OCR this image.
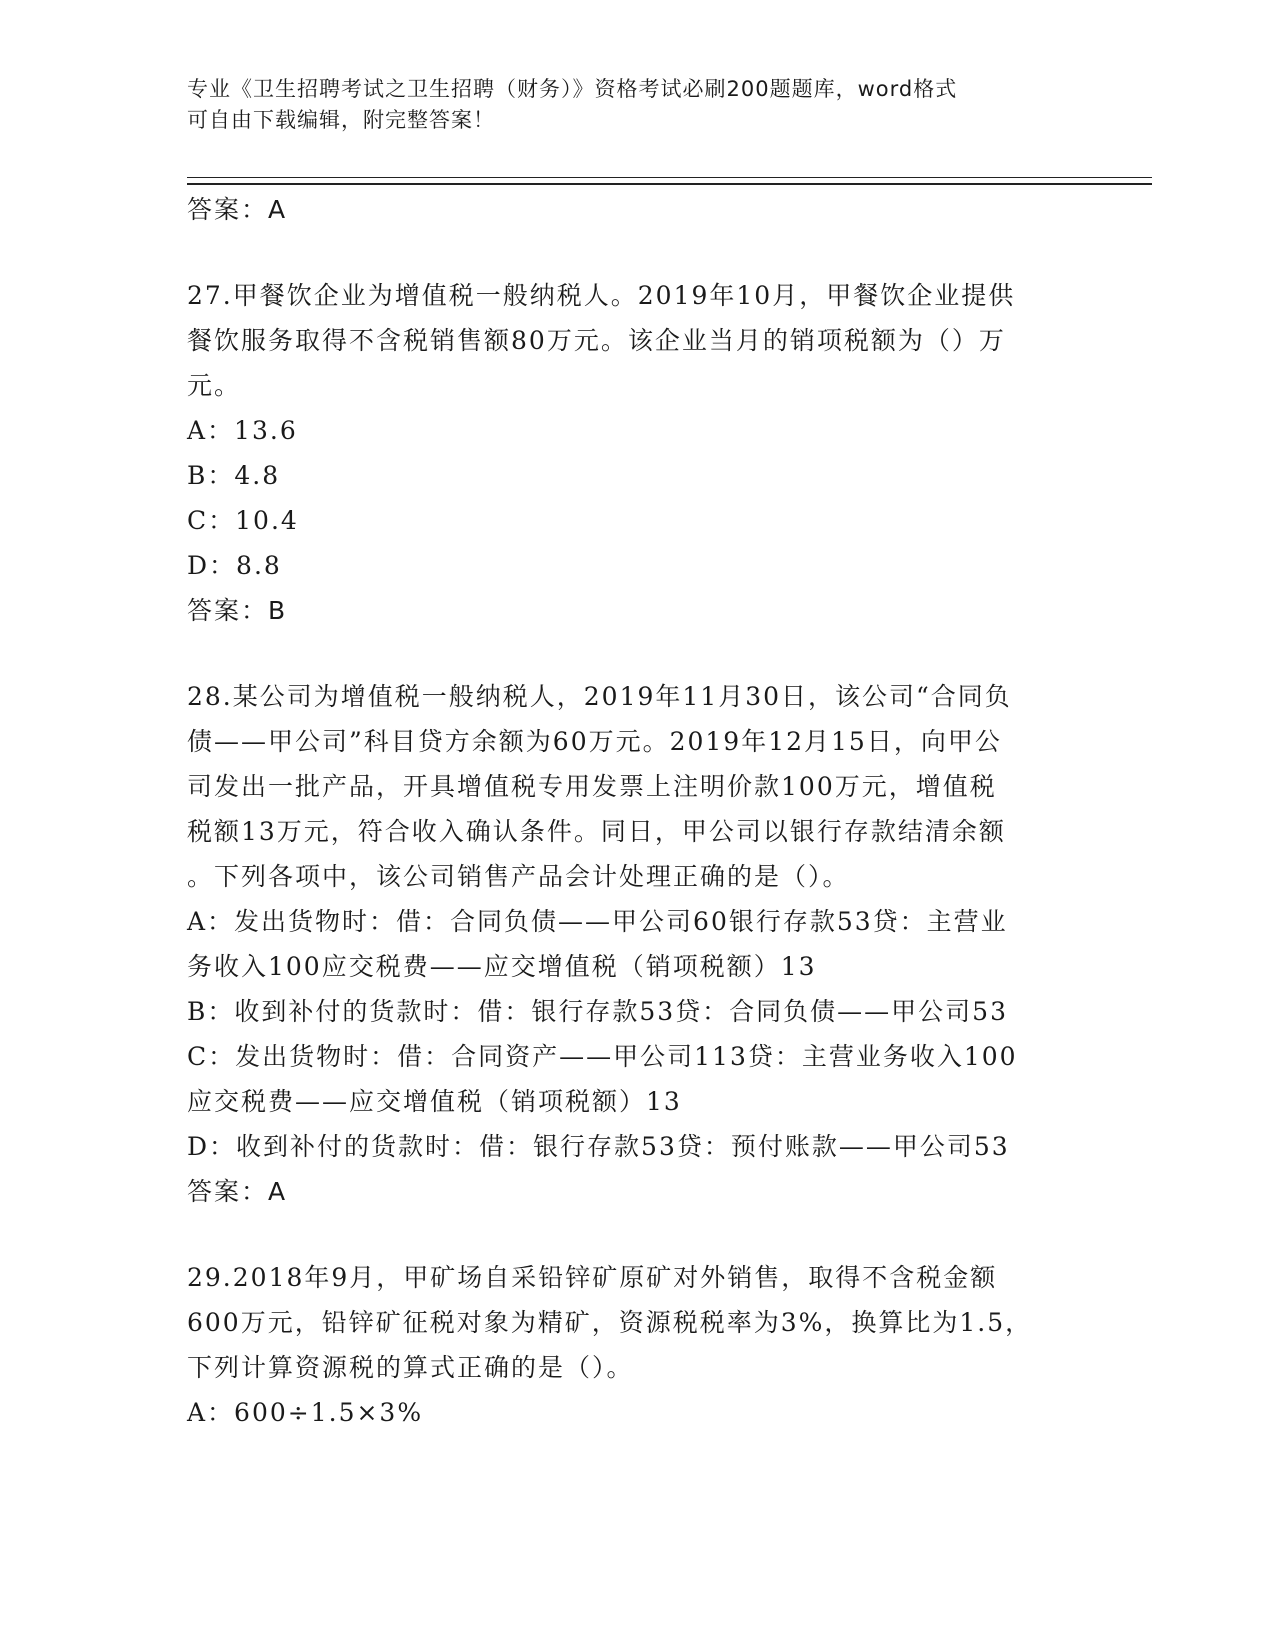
专业《卫生招聘考试之卫生招聘（财务）》资格考试必刷200题题库，word格式
可自由下载编辑，附完整答案！
答案：A
27.甲餐饮企业为增值税一般纳税人。2019年10月，甲餐饮企业提供
餐饮服务取得不含税销售额80万元。该企业当月的销项税额为（）万
元。
A：13.6
B：4.8
C：10.4
D：8.8
答案：B
28.某公司为增值税一般纳税人，2019年11月30日，该公司“合同负
债——甲公司”科目贷方余额为60万元。2019年12月15日，向甲公
司发出一批产品，开具增值税专用发票上注明价款100万元，增值税
税额13万元，符合收入确认条件。同日，甲公司以银行存款结清余额
。下列各项中，该公司销售产品会计处理正确的是（）。
A：发出货物时：借：合同负债——甲公司60银行存款53贷：主营业
务收入100应交税费——应交增值税（销项税额）13
B：收到补付的货款时：借：银行存款53贷：合同负债——甲公司53
C：发出货物时：借：合同资产——甲公司113贷：主营业务收入100
应交税费——应交增值税（销项税额）13
D：收到补付的货款时：借：银行存款53贷：预付账款——甲公司53
答案：A
29.2018年9月，甲矿场自采铅锌矿原矿对外销售，取得不含税金额
600万元，铅锌矿征税对象为精矿，资源税税率为3%，换算比为1.5，
下列计算资源税的算式正确的是（）。
A：600÷1.5×3%
